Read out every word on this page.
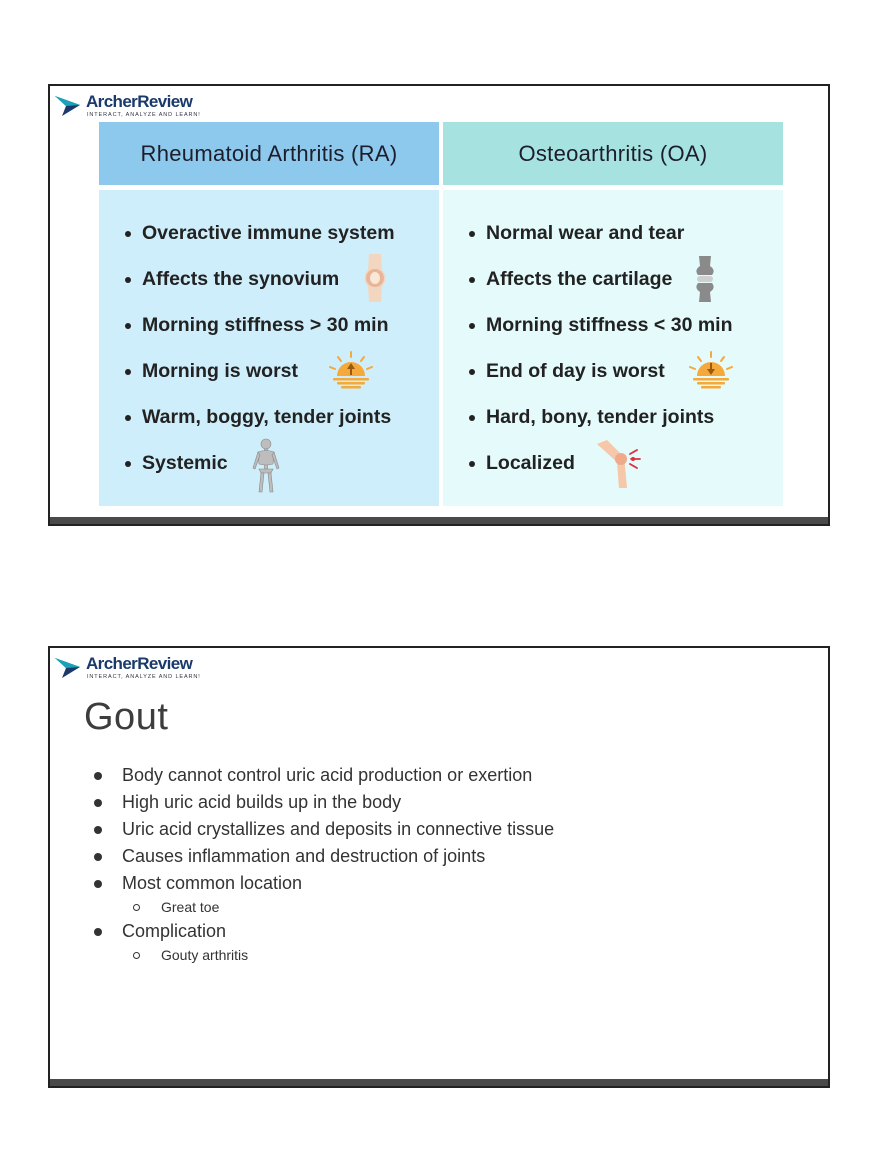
ArcherReview
INTERACT, ANALYZE AND LEARN!
Rheumatoid Arthritis (RA)	Osteoarthritis (OA)
Overactive immune system
Affects the synovium
Morning stiffness > 30 min
Morning is worst
Warm, boggy, tender joints
Systemic
Normal wear and tear
Affects the cartilage
Morning stiffness < 30 min
End of day is worst
Hard, bony, tender joints
Localized
ArcherReview
INTERACT, ANALYZE AND LEARN!
Gout
Body cannot control uric acid production or exertion
High uric acid builds up in the body
Uric acid crystallizes and deposits in connective tissue
Causes inflammation and destruction of joints
Most common location
Great toe
Complication
Gouty arthritis
